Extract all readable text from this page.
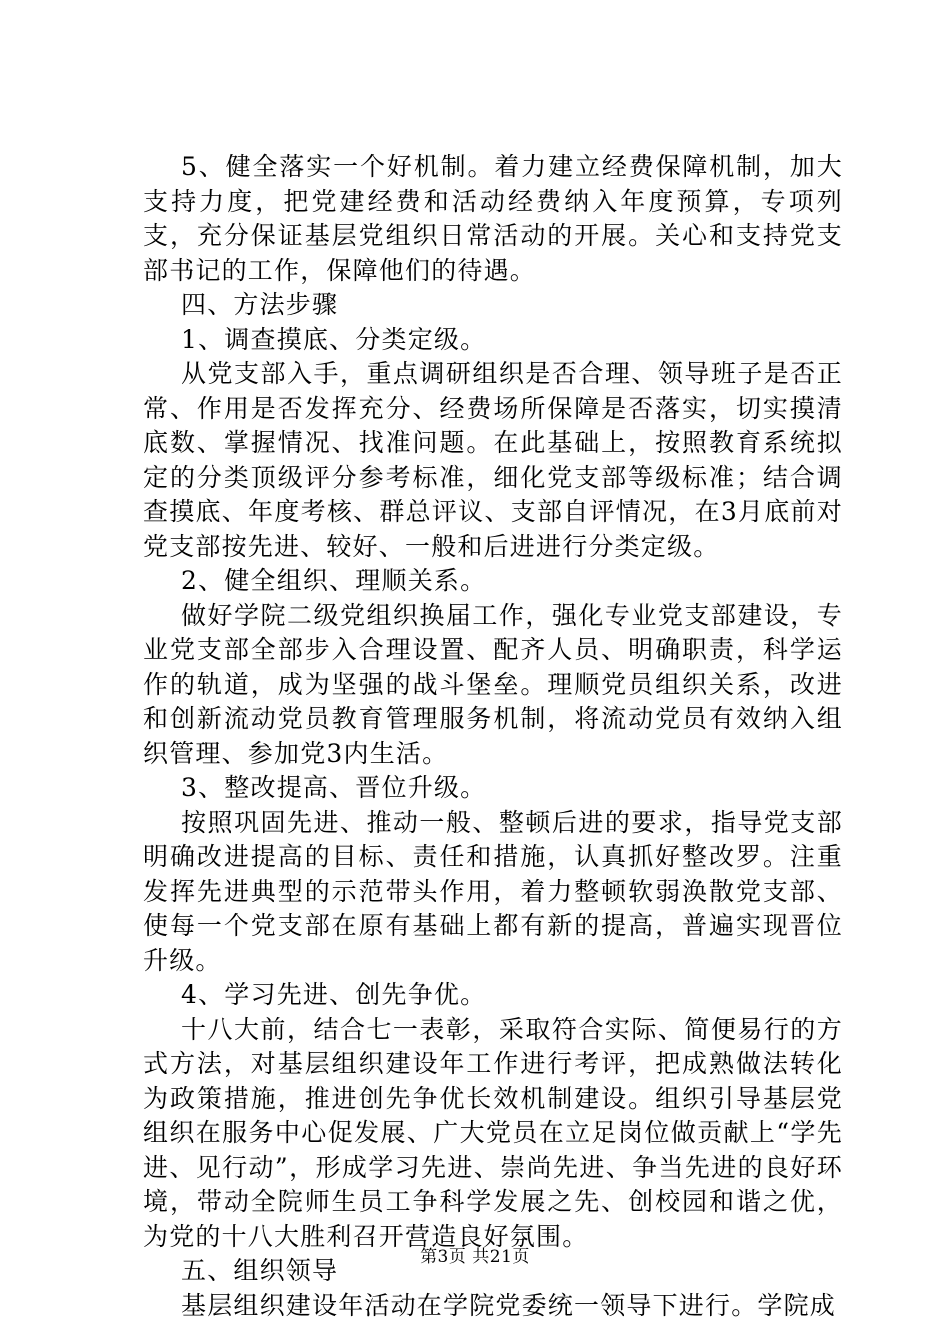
5、健全落实一个好机制。着力建立经费保障机制，加大支持力度，把党建经费和活动经费纳入年度预算，专项列支，充分保证基层党组织日常活动的开展。关心和支持党支部书记的工作，保障他们的待遇。

四、方法步骤

1、调查摸底、分类定级。

从党支部入手，重点调研组织是否合理、领导班子是否正常、作用是否发挥充分、经费场所保障是否落实，切实摸清底数、掌握情况、找准问题。在此基础上，按照教育系统拟定的分类顶级评分参考标准，细化党支部等级标准；结合调查摸底、年度考核、群总评议、支部自评情况，在3月底前对党支部按先进、较好、一般和后进进行分类定级。

2、健全组织、理顺关系。

做好学院二级党组织换届工作，强化专业党支部建设，专业党支部全部步入合理设置、配齐人员、明确职责，科学运作的轨道，成为坚强的战斗堡垒。理顺党员组织关系，改进和创新流动党员教育管理服务机制，将流动党员有效纳入组织管理、参加党3内生活。

3、整改提高、晋位升级。

按照巩固先进、推动一般、整顿后进的要求，指导党支部明确改进提高的目标、责任和措施，认真抓好整改罗。注重发挥先进典型的示范带头作用，着力整顿软弱涣散党支部、使每一个党支部在原有基础上都有新的提高，普遍实现晋位升级。

4、学习先进、创先争优。

十八大前，结合七一表彰，采取符合实际、简便易行的方式方法，对基层组织建设年工作进行考评，把成熟做法转化为政策措施，推进创先争优长效机制建设。组织引导基层党组织在服务中心促发展、广大党员在立足岗位做贡献上“学先进、见行动”，形成学习先进、崇尚先进、争当先进的良好环境，带动全院师生员工争科学发展之先、创校园和谐之优，为党的十八大胜利召开营造良好氛围。

五、组织领导

基层组织建设年活动在学院党委统一领导下进行。学院成

第3页 共21页
